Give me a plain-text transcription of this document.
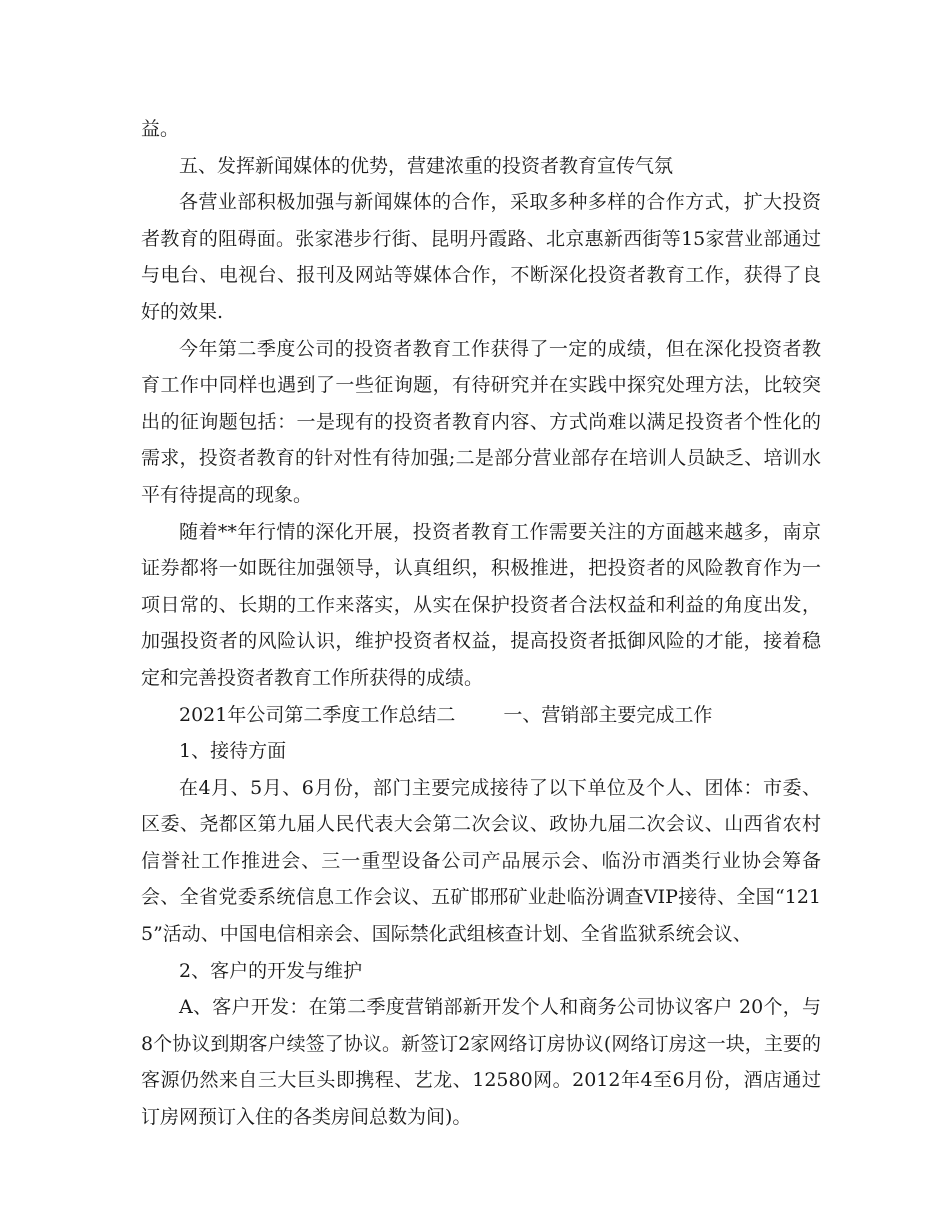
益。

五、发挥新闻媒体的优势，营建浓重的投资者教育宣传气氛

各营业部积极加强与新闻媒体的合作，采取多种多样的合作方式，扩大投资者教育的阻碍面。张家港步行街、昆明丹霞路、北京惠新西街等15家营业部通过与电台、电视台、报刊及网站等媒体合作，不断深化投资者教育工作，获得了良好的效果.

今年第二季度公司的投资者教育工作获得了一定的成绩，但在深化投资者教育工作中同样也遇到了一些征询题，有待研究并在实践中探究处理方法，比较突出的征询题包括：一是现有的投资者教育内容、方式尚难以满足投资者个性化的需求，投资者教育的针对性有待加强;二是部分营业部存在培训人员缺乏、培训水平有待提高的现象。

随着**年行情的深化开展，投资者教育工作需要关注的方面越来越多，南京证券都将一如既往加强领导，认真组织，积极推进，把投资者的风险教育作为一项日常的、长期的工作来落实，从实在保护投资者合法权益和利益的角度出发，加强投资者的风险认识，维护投资者权益，提高投资者抵御风险的才能，接着稳定和完善投资者教育工作所获得的成绩。

2021年公司第二季度工作总结二	一、营销部主要完成工作

1、接待方面

在4月、5月、6月份，部门主要完成接待了以下单位及个人、团体：市委、区委、尧都区第九届人民代表大会第二次会议、政协九届二次会议、山西省农村信誉社工作推进会、三一重型设备公司产品展示会、临汾市酒类行业协会筹备会、全省党委系统信息工作会议、五矿邯邢矿业赴临汾调查VIP接待、全国“1215”活动、中国电信相亲会、国际禁化武组核查计划、全省监狱系统会议、

2、客户的开发与维护

A、客户开发：在第二季度营销部新开发个人和商务公司协议客户 20个，与8个协议到期客户续签了协议。新签订2家网络订房协议(网络订房这一块，主要的客源仍然来自三大巨头即携程、艺龙、12580网。2012年4至6月份，酒店通过订房网预订入住的各类房间总数为间)。
